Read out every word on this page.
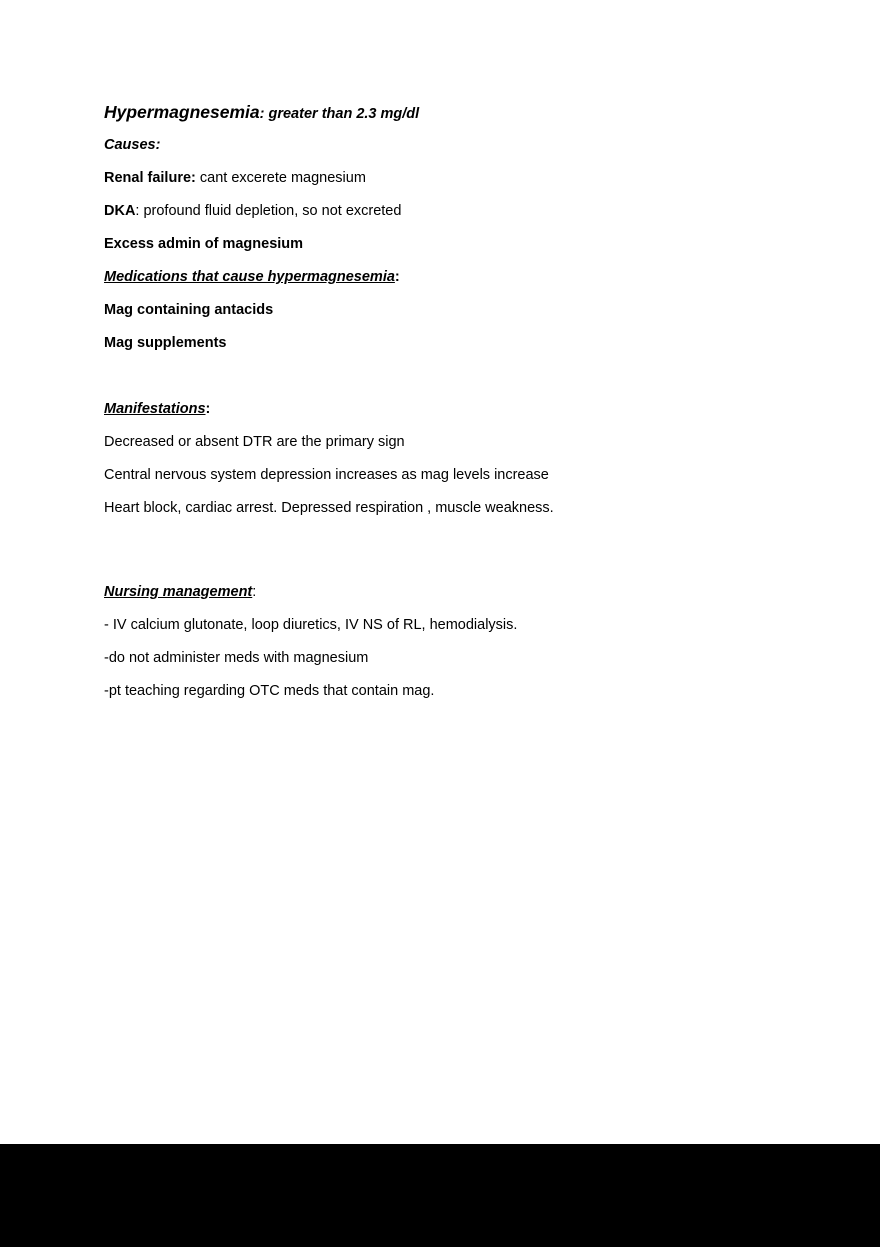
Hypermagnesemia: greater than 2.3 mg/dl
Causes:
Renal failure: cant excerete magnesium
DKA: profound fluid depletion, so not excreted
Excess admin of magnesium
Medications that cause hypermagnesemia:
Mag containing antacids
Mag supplements
Manifestations:
Decreased or absent DTR are the primary sign
Central nervous system depression increases as mag levels increase
Heart block, cardiac arrest. Depressed respiration , muscle weakness.
Nursing management:
- IV calcium glutonate, loop diuretics, IV NS of RL, hemodialysis.
-do not administer meds with magnesium
-pt teaching regarding OTC meds that contain mag.
